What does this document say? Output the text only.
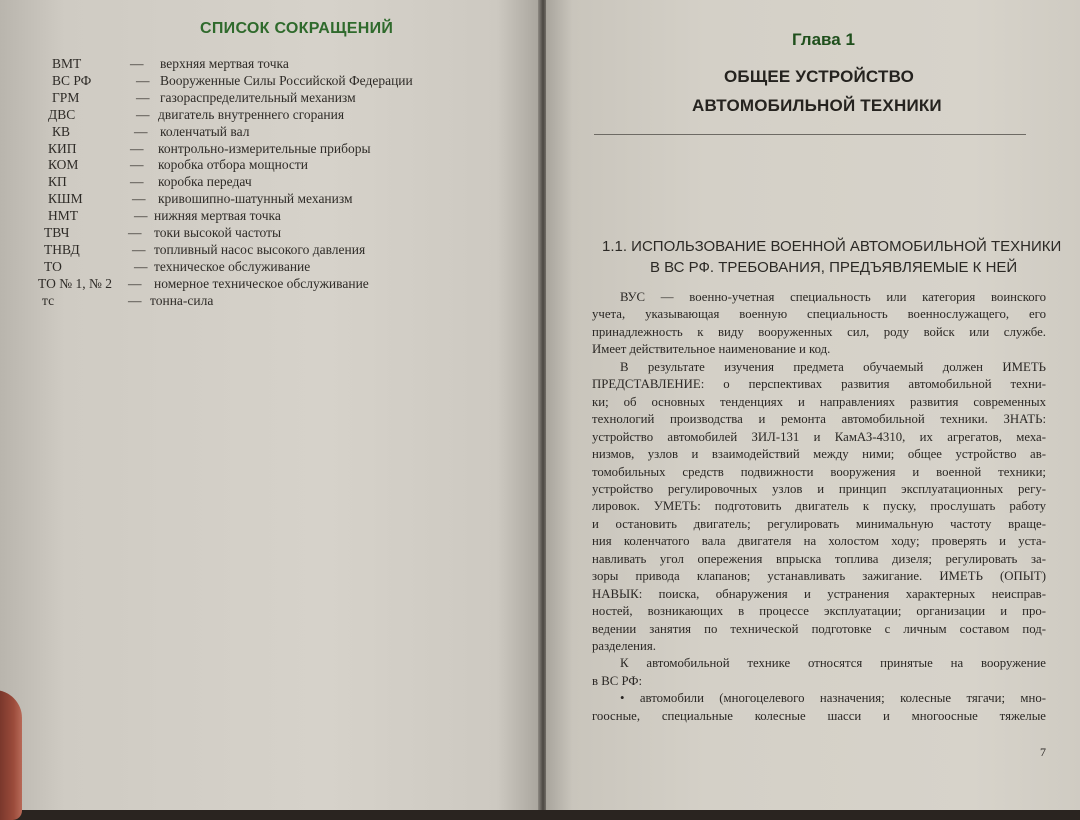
СПИСОК СОКРАЩЕНИЙ
ВМТ	— верхняя мертвая точка
ВС РФ	— Вооруженные Силы Российской Федерации
ГРМ	— газораспределительный механизм
ДВС	— двигатель внутреннего сгорания
КВ	— коленчатый вал
КИП	— контрольно-измерительные приборы
КОМ	— коробка отбора мощности
КП	— коробка передач
КШМ	— кривошипно-шатунный механизм
НМТ	— нижняя мертвая точка
ТВЧ	— токи высокой частоты
ТНВД	— топливный насос высокого давления
ТО	— техническое обслуживание
ТО № 1, № 2 — номерное техническое обслуживание
тс	— тонна-сила
Глава 1
ОБЩЕЕ УСТРОЙСТВО
АВТОМОБИЛЬНОЙ ТЕХНИКИ
1.1. ИСПОЛЬЗОВАНИЕ ВОЕННОЙ АВТОМОБИЛЬНОЙ ТЕХНИКИ
В ВС РФ. ТРЕБОВАНИЯ, ПРЕДЪЯВЛЯЕМЫЕ К НЕЙ
ВУС — военно-учетная специальность или категория воинского
учета, указывающая военную специальность военнослужащего, его
принадлежность к виду вооруженных сил, роду войск или службе.
Имеет действительное наименование и код.
В результате изучения предмета обучаемый должен ИМЕТЬ
ПРЕДСТАВЛЕНИЕ: о перспективах развития автомобильной техни-
ки; об основных тенденциях и направлениях развития современных
технологий производства и ремонта автомобильной техники. ЗНАТЬ:
устройство автомобилей ЗИЛ-131 и КамАЗ-4310, их агрегатов, меха-
низмов, узлов и взаимодействий между ними; общее устройство ав-
томобильных средств подвижности вооружения и военной техники;
устройство регулировочных узлов и принцип эксплуатационных регу-
лировок. УМЕТЬ: подготовить двигатель к пуску, прослушать работу
и остановить двигатель; регулировать минимальную частоту враще-
ния коленчатого вала двигателя на холостом ходу; проверять и уста-
навливать угол опережения впрыска топлива дизеля; регулировать за-
зоры привода клапанов; устанавливать зажигание. ИМЕТЬ (ОПЫТ)
НАВЫК: поиска, обнаружения и устранения характерных неисправ-
ностей, возникающих в процессе эксплуатации; организации и про-
ведении занятия по технической подготовке с личным составом под-
разделения.
К автомобильной технике относятся принятые на вооружение
в ВС РФ:
• автомобили (многоцелевого назначения; колесные тягачи; мно-
гоосные, специальные колесные шасси и многоосные тяжелые
7
